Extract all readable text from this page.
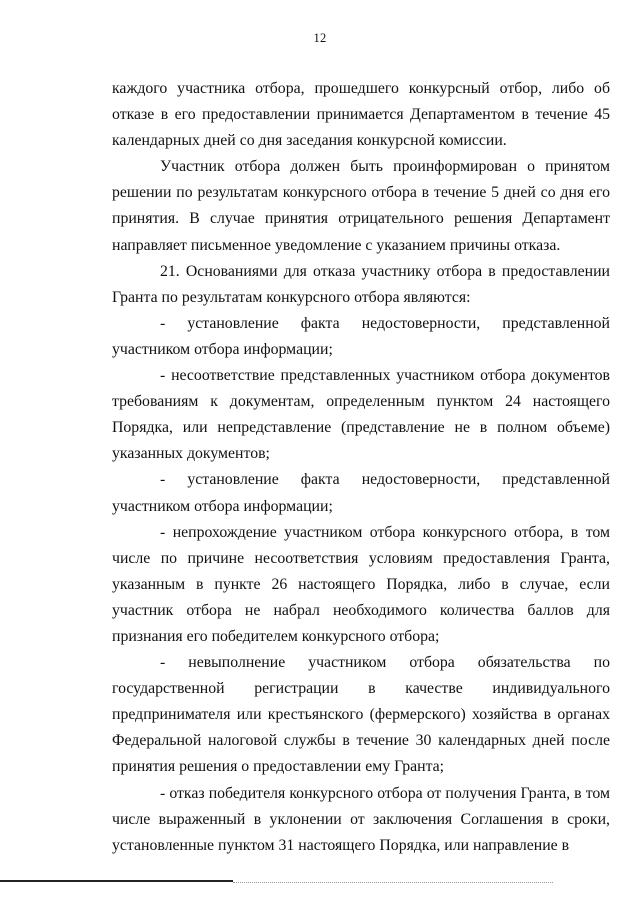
12

каждого участника отбора, прошедшего конкурсный отбор, либо об отказе в его предоставлении принимается Департаментом в течение 45 календарных дней со дня заседания конкурсной комиссии.

Участник отбора должен быть проинформирован о принятом решении по результатам конкурсного отбора в течение 5 дней со дня его принятия. В случае принятия отрицательного решения Департамент направляет письменное уведомление с указанием причины отказа.

21. Основаниями для отказа участнику отбора в предоставлении Гранта по результатам конкурсного отбора являются:

- установление факта недостоверности, представленной участником отбора информации;

- несоответствие представленных участником отбора документов требованиям к документам, определенным пунктом 24 настоящего Порядка, или непредставление (представление не в полном объеме) указанных документов;

- установление факта недостоверности, представленной участником отбора информации;

- непрохождение участником отбора конкурсного отбора, в том числе по причине несоответствия условиям предоставления Гранта, указанным в пункте 26 настоящего Порядка, либо в случае, если участник отбора не набрал необходимого количества баллов для признания его победителем конкурсного отбора;

- невыполнение участником отбора обязательства по государственной регистрации в качестве индивидуального предпринимателя или крестьянского (фермерского) хозяйства в органах Федеральной налоговой службы в течение 30 календарных дней после принятия решения о предоставлении ему Гранта;

- отказ победителя конкурсного отбора от получения Гранта, в том числе выраженный в уклонении от заключения Соглашения в сроки, установленные пунктом 31 настоящего Порядка, или направление в
